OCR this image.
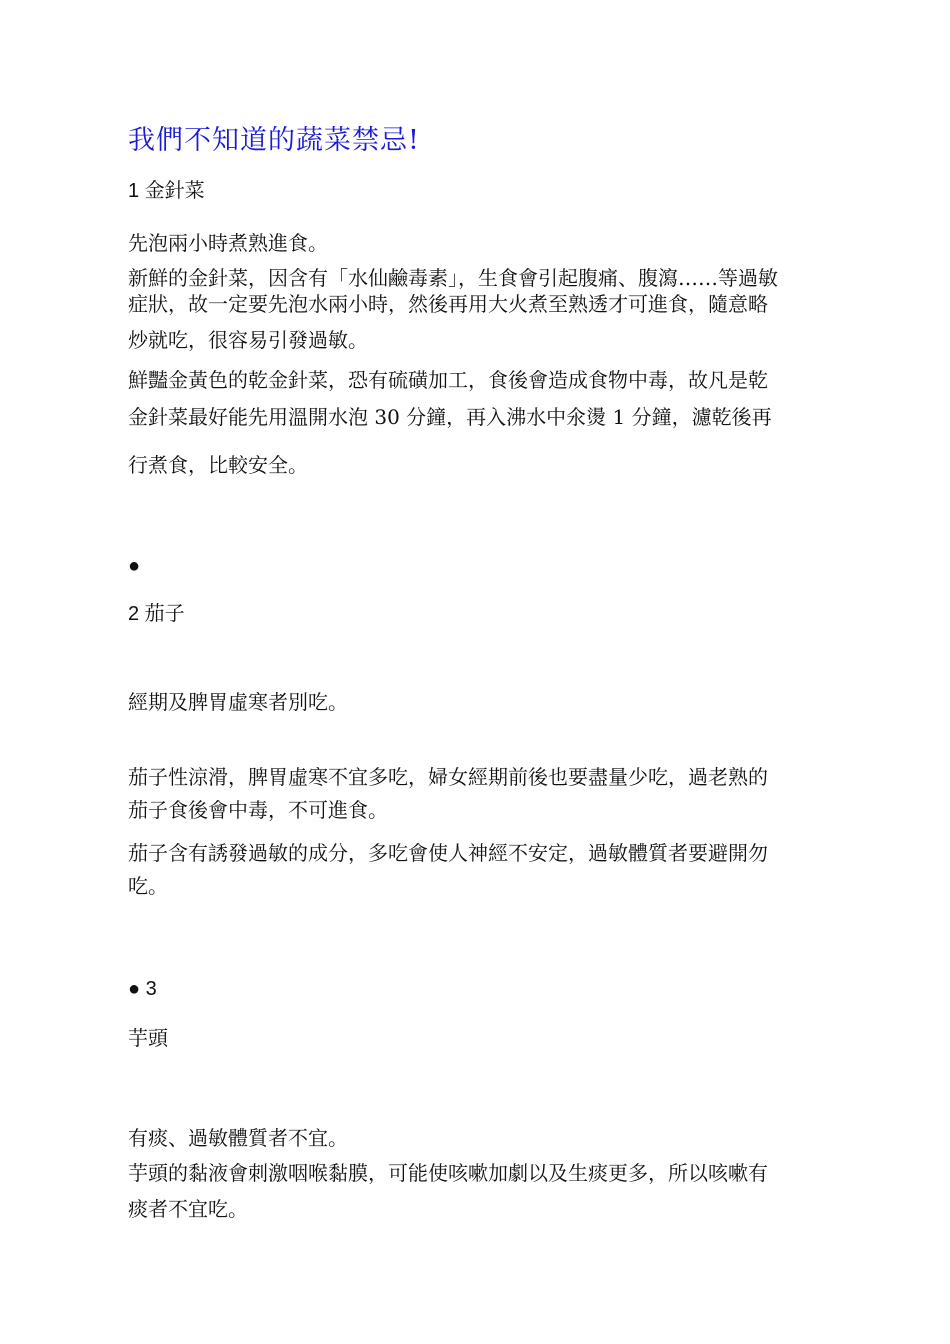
我們不知道的蔬菜禁忌!
1 金針菜
先泡兩小時煮熟進食。
新鮮的金針菜，因含有「水仙鹼毒素」，生食會引起腹痛、腹瀉……等過敏
症狀，故一定要先泡水兩小時，然後再用大火煮至熟透才可進食，隨意略
炒就吃，很容易引發過敏。
鮮豔金黃色的乾金針菜，恐有硫磺加工，食後會造成食物中毒，故凡是乾
金針菜最好能先用溫開水泡 30 分鐘，再入沸水中氽燙 1 分鐘，濾乾後再
行煮食，比較安全。
●
2 茄子
經期及脾胃虛寒者別吃。
茄子性涼滑，脾胃虛寒不宜多吃，婦女經期前後也要盡量少吃，過老熟的
茄子食後會中毒，不可進食。
茄子含有誘發過敏的成分，多吃會使人神經不安定，過敏體質者要避開勿
吃。
● 3
芋頭
有痰、過敏體質者不宜。
芋頭的黏液會刺激咽喉黏膜，可能使咳嗽加劇以及生痰更多，所以咳嗽有
痰者不宜吃。
